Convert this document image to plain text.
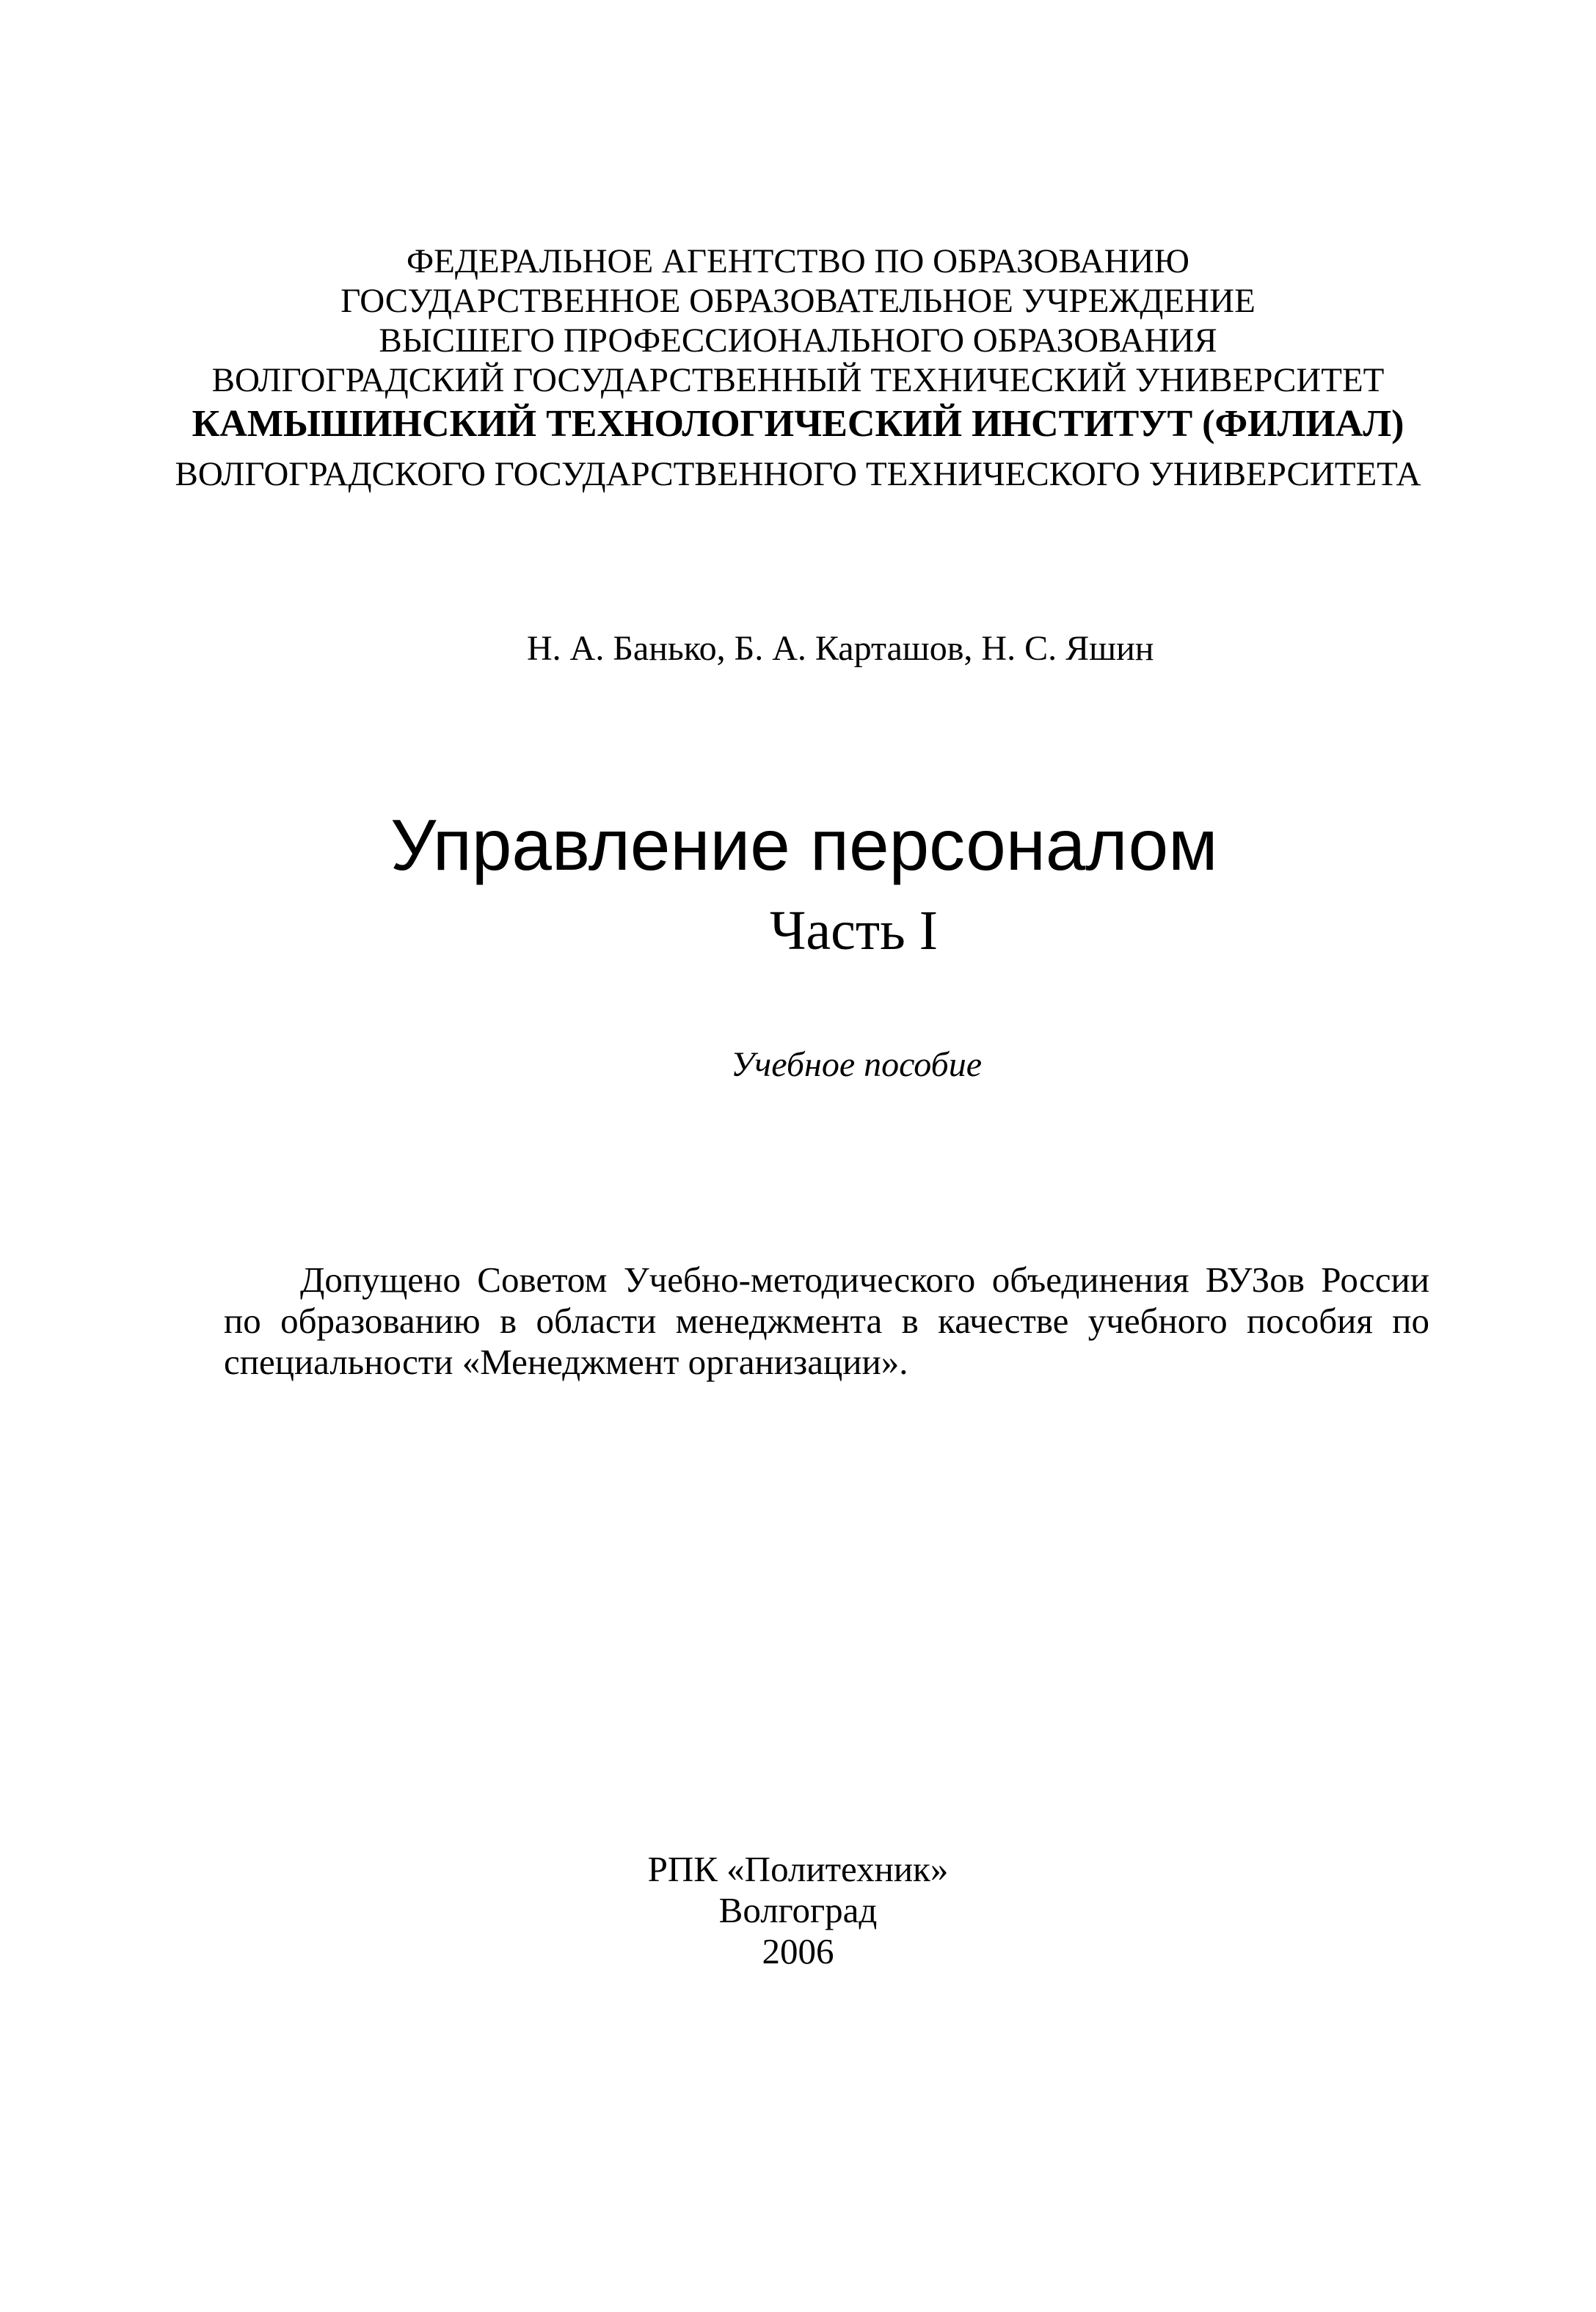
ФЕДЕРАЛЬНОЕ АГЕНТСТВО ПО ОБРАЗОВАНИЮ
ГОСУДАРСТВЕННОЕ ОБРАЗОВАТЕЛЬНОЕ УЧРЕЖДЕНИЕ
ВЫСШЕГО ПРОФЕССИОНАЛЬНОГО ОБРАЗОВАНИЯ
ВОЛГОГРАДСКИЙ ГОСУДАРСТВЕННЫЙ ТЕХНИЧЕСКИЙ УНИВЕРСИТЕТ
КАМЫШИНСКИЙ ТЕХНОЛОГИЧЕСКИЙ ИНСТИТУТ (ФИЛИАЛ)
ВОЛГОГРАДСКОГО ГОСУДАРСТВЕННОГО ТЕХНИЧЕСКОГО УНИВЕРСИТЕТА
Н. А. Банько, Б. А. Карташов, Н. С. Яшин
Управление персоналом
Часть I
Учебное пособие
Допущено Советом Учебно-методического объединения ВУЗов России по образованию в области менеджмента в качестве учебного пособия по специальности «Менеджмент организации».
РПК «Политехник»
Волгоград
2006
